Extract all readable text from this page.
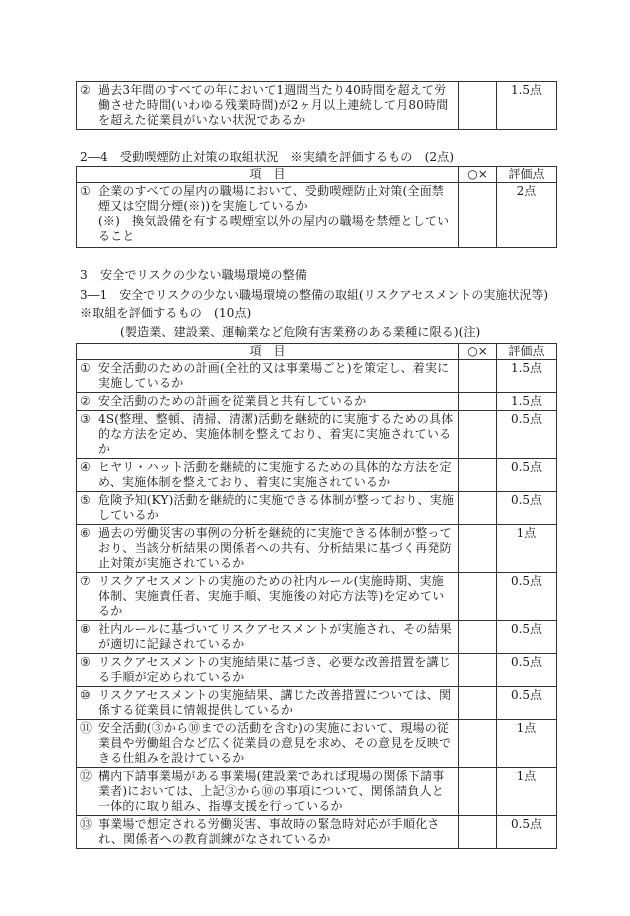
② 過去3年間のすべての年において1週間当たり40時間を超えて労働させた時間(いわゆる残業時間)が2ヶ月以上連続して月80時間を超えた従業員がいない状況であるか
		1.5点
2―4　受動喫煙防止対策の取組状況　※実績を評価するもの　(2点)
項　目	○×	評価点

① 企業のすべての屋内の職場において、受動喫煙防止対策(全面禁煙又は空間分煙(※))を実施しているか
(※)　換気設備を有する喫煙室以外の屋内の職場を禁煙としていること		2点
3　安全でリスクの少ない職場環境の整備
3―1　安全でリスクの少ない職場環境の整備の取組(リスクアセスメントの実施状況等)
※取組を評価するもの　(10点)
(製造業、建設業、運輸業など危険有害業務のある業種に限る)(注)
項　目	○×	評価点

① 安全活動のための計画(全社的又は事業場ごと)を策定し、着実に実施しているか		1.5点

② 安全活動のための計画を従業員と共有しているか		1.5点

③ 4S(整理、整頓、清掃、清潔)活動を継続的に実施するための具体的な方法を定め、実施体制を整えており、着実に実施されているか		0.5点

④ ヒヤリ・ハット活動を継続的に実施するための具体的な方法を定め、実施体制を整えており、着実に実施されているか		0.5点

⑤ 危険予知(KY)活動を継続的に実施できる体制が整っており、実施しているか		0.5点

⑥ 過去の労働災害の事例の分析を継続的に実施できる体制が整っており、当該分析結果の関係者への共有、分析結果に基づく再発防止対策が実施されているか		1点

⑦ リスクアセスメントの実施のための社内ルール(実施時期、実施体制、実施責任者、実施手順、実施後の対応方法等)を定めているか		0.5点

⑧ 社内ルールに基づいてリスクアセスメントが実施され、その結果が適切に記録されているか		0.5点

⑨ リスクアセスメントの実施結果に基づき、必要な改善措置を講じる手順が定められているか		0.5点

⑩ リスクアセスメントの実施結果、講じた改善措置については、関係する従業員に情報提供しているか		0.5点

⑪ 安全活動(③から⑩までの活動を含む)の実施において、現場の従業員や労働組合など広く従業員の意見を求め、その意見を反映できる仕組みを設けているか		1点

⑫ 構内下請事業場がある事業場(建設業であれば現場の関係下請事業者)においては、上記③から⑩の事項について、関係請負人と一体的に取り組み、指導支援を行っているか		1点

⑬ 事業場で想定される労働災害、事故時の緊急時対応が手順化され、関係者への教育訓練がなされているか		0.5点
